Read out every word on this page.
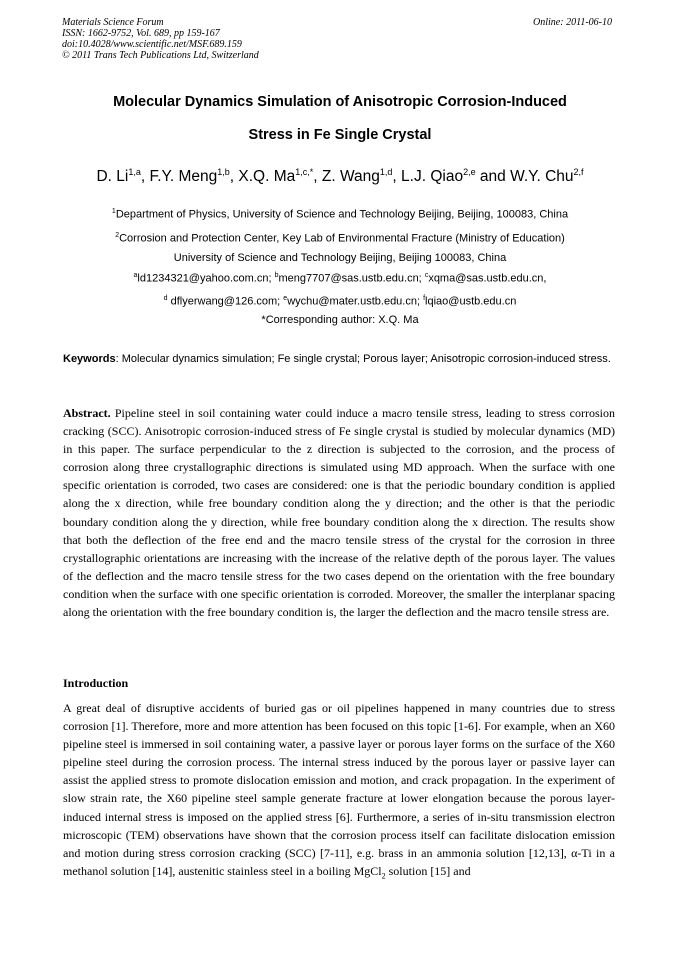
Materials Science Forum
ISSN: 1662-9752, Vol. 689, pp 159-167
doi:10.4028/www.scientific.net/MSF.689.159
© 2011 Trans Tech Publications Ltd, Switzerland
Online: 2011-06-10
Molecular Dynamics Simulation of Anisotropic Corrosion-Induced
Stress in Fe Single Crystal
D. Li$^{1,a}$, F.Y. Meng$^{1,b}$, X.Q. $Ma^{1,c,*}$, Z. Wang$^{1,d}$, L.J. Qiao$^{2,e}$ and W.Y. Chu$^{2,f}$
$^1$Department of Physics, University of Science and Technology Beijing, Beijing, 100083, China
$^2$Corrosion and Protection Center, Key Lab of Environmental Fracture (Ministry of Education)
University of Science and Technology Beijing, Beijing 100083, China
$^a$ld1234321@yahoo.com.cn; $^b$meng7707@sas.ustb.edu.cn; $^c$xqma@sas.ustb.edu.cn,
$^d$ dflyerwang@126.com; $^e$wychu@mater.ustb.edu.cn; $^f$lqiao@ustb.edu.cn
*Corresponding author: X.Q. Ma
Keywords: Molecular dynamics simulation; Fe single crystal; Porous layer; Anisotropic corrosion-induced stress.
Abstract. Pipeline steel in soil containing water could induce a macro tensile stress, leading to stress corrosion cracking (SCC). Anisotropic corrosion-induced stress of Fe single crystal is studied by molecular dynamics (MD) in this paper. The surface perpendicular to the z direction is subjected to the corrosion, and the process of corrosion along three crystallographic directions is simulated using MD approach. When the surface with one specific orientation is corroded, two cases are considered: one is that the periodic boundary condition is applied along the x direction, while free boundary condition along the y direction; and the other is that the periodic boundary condition along the y direction, while free boundary condition along the x direction. The results show that both the deflection of the free end and the macro tensile stress of the crystal for the corrosion in three crystallographic orientations are increasing with the increase of the relative depth of the porous layer. The values of the deflection and the macro tensile stress for the two cases depend on the orientation with the free boundary condition when the surface with one specific orientation is corroded. Moreover, the smaller the interplanar spacing along the orientation with the free boundary condition is, the larger the deflection and the macro tensile stress are.
Introduction
A great deal of disruptive accidents of buried gas or oil pipelines happened in many countries due to stress corrosion [1]. Therefore, more and more attention has been focused on this topic [1-6]. For example, when an X60 pipeline steel is immersed in soil containing water, a passive layer or porous layer forms on the surface of the X60 pipeline steel during the corrosion process. The internal stress induced by the porous layer or passive layer can assist the applied stress to promote dislocation emission and motion, and crack propagation. In the experiment of slow strain rate, the X60 pipeline steel sample generate fracture at lower elongation because the porous layer-induced internal stress is imposed on the applied stress [6]. Furthermore, a series of in-situ transmission electron microscopic (TEM) observations have shown that the corrosion process itself can facilitate dislocation emission and motion during stress corrosion cracking (SCC) [7-11], e.g. brass in an ammonia solution [12,13], α-Ti in a methanol solution [14], austenitic stainless steel in a boiling MgCl$_2$ solution [15] and
